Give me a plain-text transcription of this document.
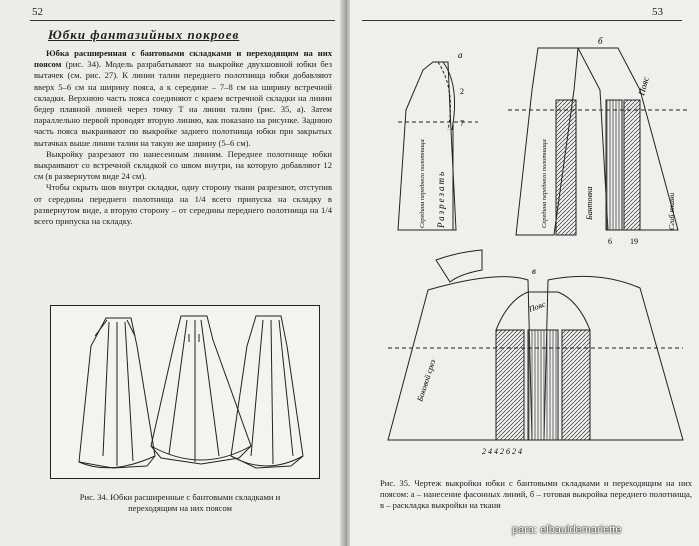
52
Юбки фантазийных покроев

Юбка расширенная с бантовыми складками и переходящим на них поясом (рис. 34). Модель разрабатывают на выкройке двухшовной юбки без вытачек (см. рис. 27). К линии талии переднего полотнища юбки добавляют вверх 5–6 см на ширину пояса, а к середине – 7–8 см на ширину встречной складки. Верхнюю часть пояса соединяют с краем встречной складки на линии бедер плавной линией через точку Т на линии талии (рис. 35, а). Затем параллельно первой проводят вторую линию, как показано на рисунке. Заднюю часть пояса выкраивают по выкройке заднего полотнища юбки при закрытых вытачках выше линии талии на такую же ширину (5–6 см).

Выкройку разрезают по нанесенным линиям. Переднее полотнище юбки выкраивают со встречной складкой со швом внутри, на которую добавляют 12 см (в развернутом виде 24 см).

Чтобы скрыть шов внутри складки, одну сторону ткани разрезают, отступив от середины переднего полотнища на 1/4 всего припуска на складку в развернутом виде, а вторую сторону – от середины переднего полотнища на 1/4 всего припуска на складку.

Рис. 34. Юбки расширенные с бантовыми складками и переходящим на них поясом
53
а
7
2
Разрезать
Середина переднего полотнища
б
Пояс
Бантовка
Середина переднего полотнища	Сгиб ткани
6 19
в
Пояс
Боковой срез
2 4 4 2 6 2 4
Рис. 35. Чертеж выкройки юбки с бантовыми складками и переходящим на них поясом: а – нанесение фасонных линий, б – готовая выкройка переднего полотнища, в – раскладка выкройки на ткани
para: elbauldemariette
